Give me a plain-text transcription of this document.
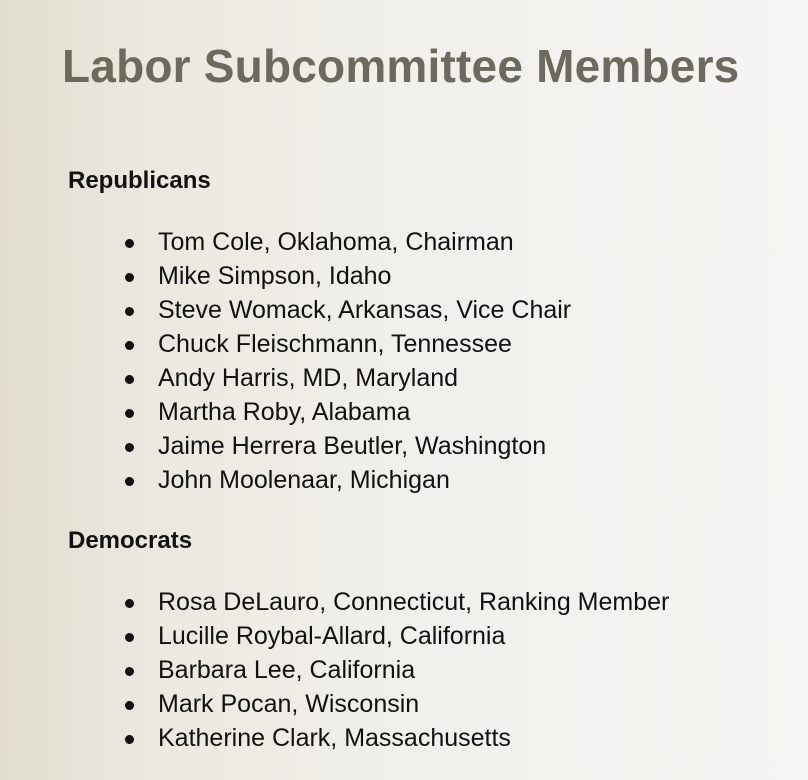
Labor Subcommittee Members
Republicans
Tom Cole, Oklahoma, Chairman
Mike Simpson, Idaho
Steve Womack, Arkansas, Vice Chair
Chuck Fleischmann, Tennessee
Andy Harris, MD, Maryland
Martha Roby, Alabama
Jaime Herrera Beutler, Washington
John Moolenaar, Michigan
Democrats
Rosa DeLauro, Connecticut, Ranking Member
Lucille Roybal-Allard, California
Barbara Lee, California
Mark Pocan, Wisconsin
Katherine Clark, Massachusetts
